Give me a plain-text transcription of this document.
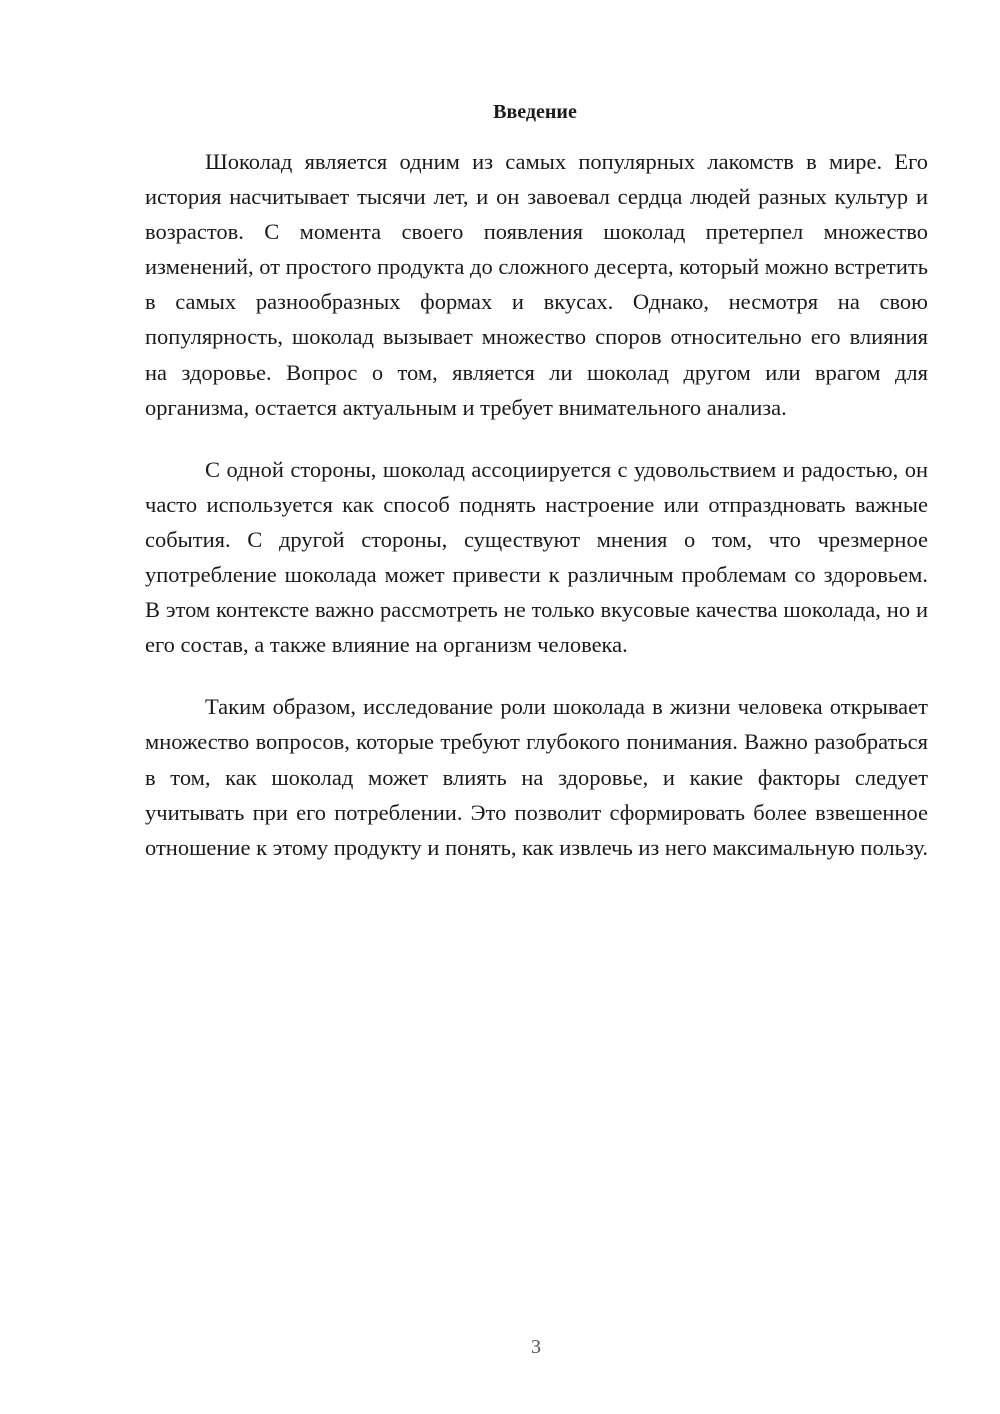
Введение

Шоколад является одним из самых популярных лакомств в мире. Его история насчитывает тысячи лет, и он завоевал сердца людей разных культур и возрастов. С момента своего появления шоколад претерпел множество изменений, от простого продукта до сложного десерта, который можно встретить в самых разнообразных формах и вкусах. Однако, несмотря на свою популярность, шоколад вызывает множество споров относительно его влияния на здоровье. Вопрос о том, является ли шоколад другом или врагом для организма, остается актуальным и требует внимательного анализа.

С одной стороны, шоколад ассоциируется с удовольствием и радостью, он часто используется как способ поднять настроение или отпраздновать важные события. С другой стороны, существуют мнения о том, что чрезмерное употребление шоколада может привести к различным проблемам со здоровьем. В этом контексте важно рассмотреть не только вкусовые качества шоколада, но и его состав, а также влияние на организм человека.

Таким образом, исследование роли шоколада в жизни человека открывает множество вопросов, которые требуют глубокого понимания. Важно разобраться в том, как шоколад может влиять на здоровье, и какие факторы следует учитывать при его потреблении. Это позволит сформировать более взвешенное отношение к этому продукту и понять, как извлечь из него максимальную пользу.

3
